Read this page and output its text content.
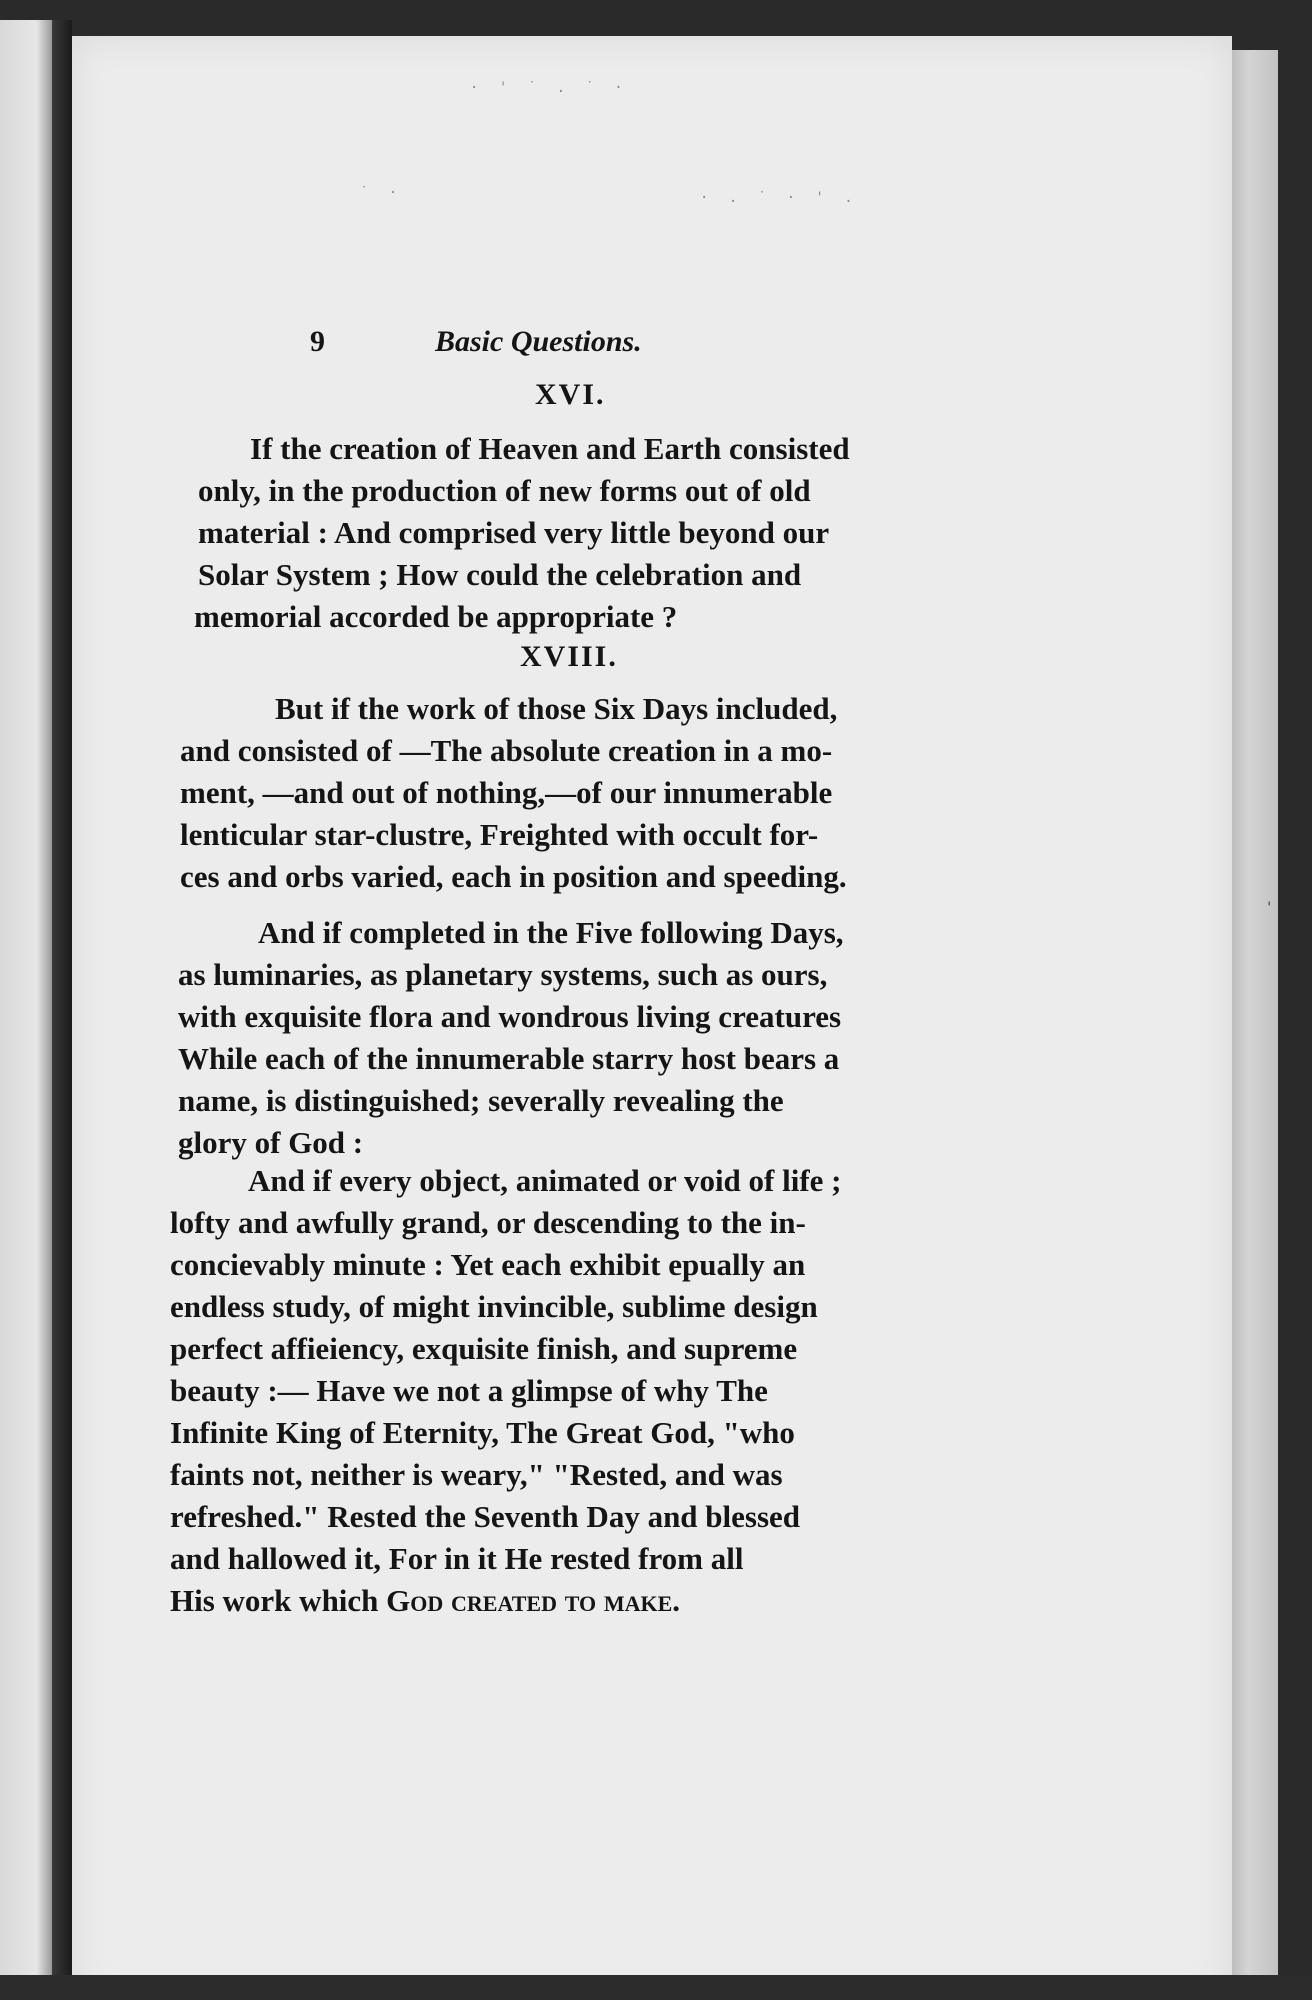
· ' ˙ . ˙ ·
· . ˙ · ' .
˙ ·
'
9	Basic Questions.
XVI.
If the creation of Heaven and Earth consisted
only, in the production of new forms out of old
material : And comprised very little beyond our
Solar System ; How could the celebration and
memorial accorded be appropriate ?
XVIII.
But if the work of those Six Days included,
and consisted of —The absolute creation in a mo-
ment, —and out of nothing,—of our innumerable
lenticular star-clustre, Freighted with occult for-
ces and orbs varied, each in position and speeding.
And if completed in the Five following Days,
as luminaries, as planetary systems, such as ours,
with exquisite flora and wondrous living creatures
While each of the innumerable starry host bears a
name, is distinguished; severally revealing the
glory of God :
And if every object, animated or void of life ;
lofty and awfully grand, or descending to the in-
concievably minute : Yet each exhibit epually an
endless study, of might invincible, sublime design
perfect affieiency, exquisite finish, and supreme
beauty :— Have we not a glimpse of why The
Infinite King of Eternity, The Great God, "who
faints not, neither is weary," "Rested, and was
refreshed." Rested the Seventh Day and blessed
and hallowed it, For in it He rested from all
His work which God created to make.
